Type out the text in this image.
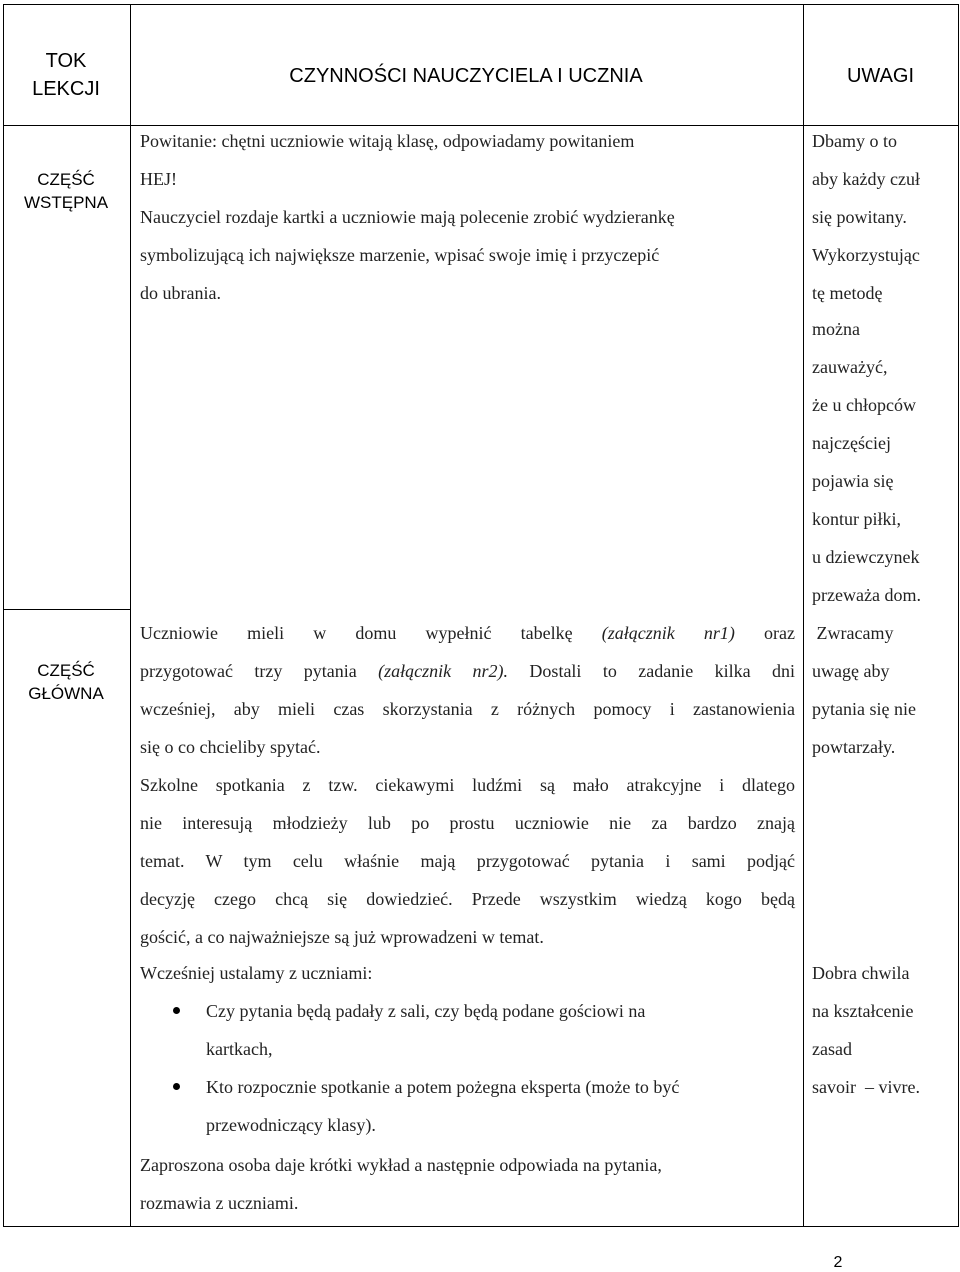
TOK
LEKCJI
CZYNNOŚCI NAUCZYCIELA I UCZNIA	UWAGI
CZĘŚĆ
WSTĘPNA
CZĘŚĆ
GŁÓWNA
Powitanie: chętni uczniowie witają klasę, odpowiadamy powitaniem
HEJ!
Nauczyciel rozdaje kartki a uczniowie mają polecenie zrobić wydzierankę
symbolizującą ich największe marzenie, wpisać swoje imię i przyczepić
do ubrania.
Uczniowie mieli w domu wypełnić tabelkę (załącznik nr1) oraz
przygotować trzy pytania (załącznik nr2). Dostali to zadanie kilka dni
wcześniej, aby mieli czas skorzystania z różnych pomocy i zastanowienia
się o co chcieliby spytać.
Szkolne spotkania z tzw. ciekawymi ludźmi są mało atrakcyjne i dlatego
nie interesują młodzieży lub po prostu uczniowie nie za bardzo znają
temat. W tym celu właśnie mają przygotować pytania i sami podjąć
decyzję czego chcą się dowiedzieć. Przede wszystkim wiedzą kogo będą
gościć, a co najważniejsze są już wprowadzeni w temat.
Wcześniej ustalamy z uczniami:
Czy pytania będą padały z sali, czy będą podane gościowi na
kartkach,
Kto rozpocznie spotkanie a potem pożegna eksperta (może to być
przewodniczący klasy).
Zaproszona osoba daje krótki wykład a następnie odpowiada na pytania,
rozmawia z uczniami.
Dbamy o to
aby każdy czuł
się powitany.
Wykorzystując
tę metodę
można
zauważyć,
że u chłopców
najczęściej
pojawia się
kontur piłki,
u dziewczynek
przeważa dom.
Zwracamy
uwagę aby
pytania się nie
powtarzały.
Dobra chwila
na kształcenie
zasad
savoir  – vivre.
2
